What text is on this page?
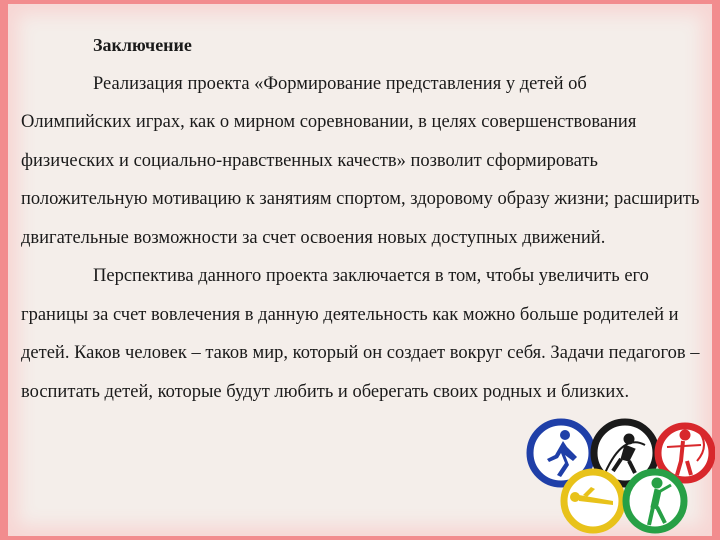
Заключение

Реализация проекта «Формирование представления у детей об Олимпийских играх, как о мирном соревновании, в целях совершенствования физических и социально-нравственных качеств» позволит сформировать положительную мотивацию к занятиям спортом, здоровому образу жизни; расширить двигательные возможности за счет освоения новых доступных движений.

Перспектива данного проекта заключается в том, чтобы увеличить его границы за счет вовлечения в данную деятельность как можно больше родителей и детей. Каков человек – таков мир, который он создает вокруг себя. Задачи педагогов – воспитать детей, которые будут любить и оберегать своих родных и близких.
